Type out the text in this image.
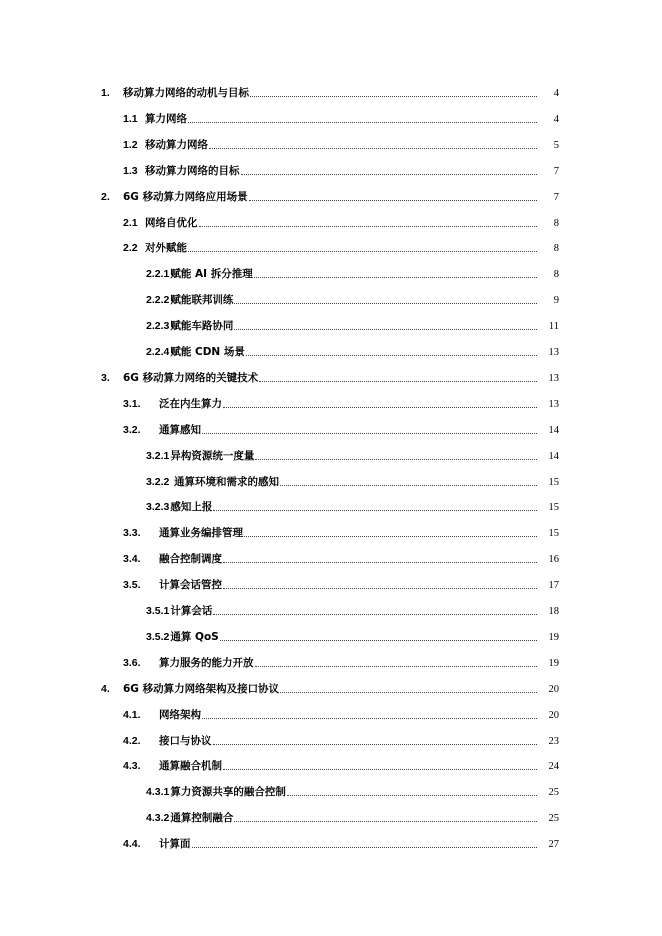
1.	移动算力网络的动机与目标	4
1.1 算力网络	4
1.2 移动算力网络	5
1.3 移动算力网络的目标	7
2.	6G 移动算力网络应用场景	7
2.1 网络自优化	8
2.2 对外赋能	8
2.2.1 赋能 AI 拆分推理	8
2.2.2 赋能联邦训练	9
2.2.3 赋能车路协同	11
2.2.4 赋能 CDN 场景	13
3.	6G 移动算力网络的关键技术	13
3.1.	泛在内生算力	13
3.2.	通算感知	14
3.2.1 异构资源统一度量	14
3.2.2 通算环境和需求的感知	15
3.2.3 感知上报	15
3.3.	通算业务编排管理	15
3.4.	融合控制调度	16
3.5.	计算会话管控	17
3.5.1 计算会话	18
3.5.2 通算 QoS	19
3.6.	算力服务的能力开放	19
4.	6G 移动算力网络架构及接口协议	20
4.1.	网络架构	20
4.2.	接口与协议	23
4.3.	通算融合机制	24
4.3.1 算力资源共享的融合控制	25
4.3.2 通算控制融合	25
4.4.	计算面	27
